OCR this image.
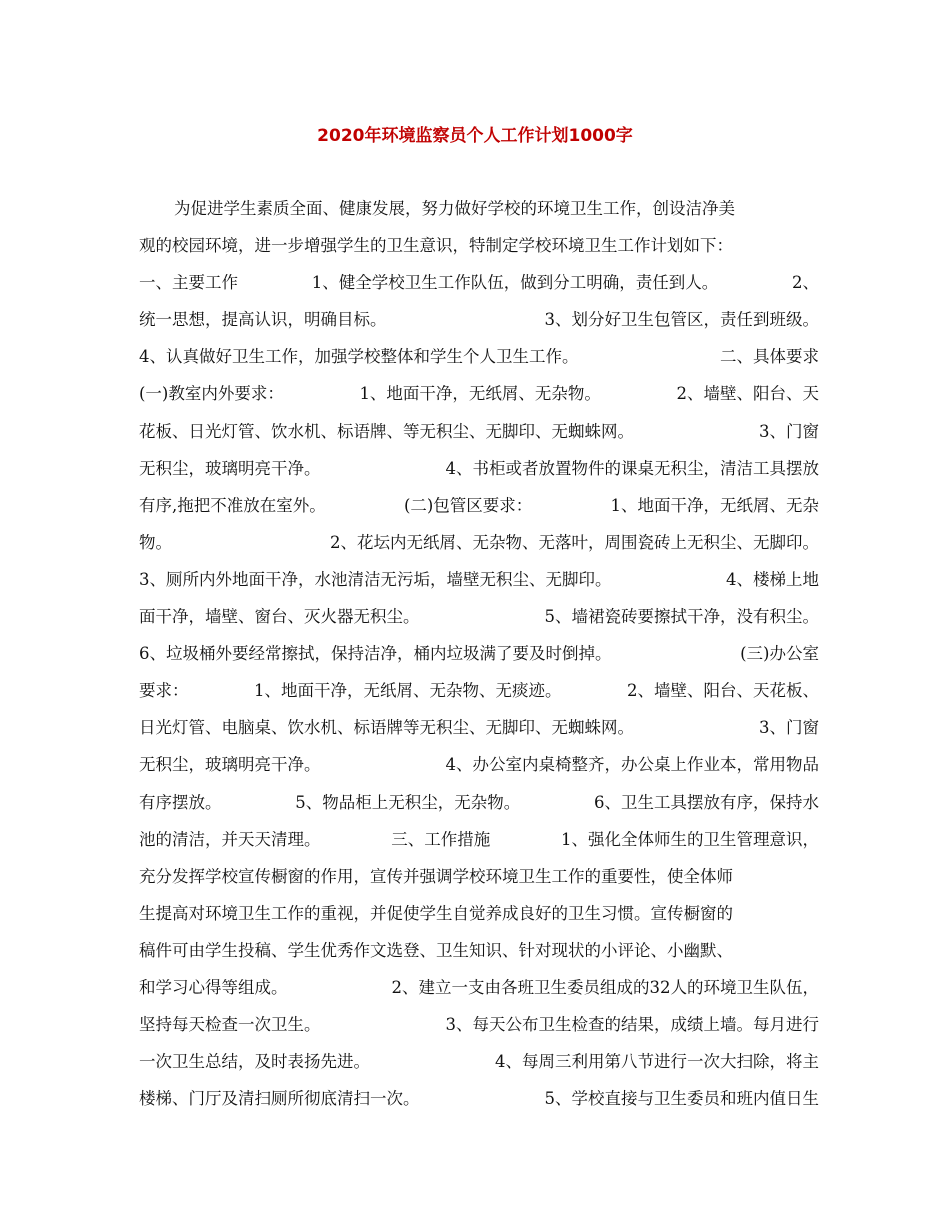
2020年环境监察员个人工作计划1000字
为促进学生素质全面、健康发展，努力做好学校的环境卫生工作，创设洁净美
观的校园环境，进一步增强学生的卫生意识，特制定学校环境卫生工作计划如下：
一、主要工作	1、健全学校卫生工作队伍，做到分工明确，责任到人。	2、
统一思想，提高认识，明确目标。	3、划分好卫生包管区，责任到班级。
4、认真做好卫生工作，加强学校整体和学生个人卫生工作。	二、具体要求
(一)教室内外要求：	1、地面干净，无纸屑、无杂物。	2、墙壁、阳台、天
花板、日光灯管、饮水机、标语牌、等无积尘、无脚印、无蜘蛛网。	3、门窗
无积尘，玻璃明亮干净。	4、书柜或者放置物件的课桌无积尘，清洁工具摆放
有序,拖把不准放在室外。	(二)包管区要求：	1、地面干净，无纸屑、无杂
物。	2、花坛内无纸屑、无杂物、无落叶，周围瓷砖上无积尘、无脚印。
3、厕所内外地面干净，水池清洁无污垢，墙壁无积尘、无脚印。	4、楼梯上地
面干净，墙壁、窗台、灭火器无积尘。	5、墙裙瓷砖要擦拭干净，没有积尘。
6、垃圾桶外要经常擦拭，保持洁净，桶内垃圾满了要及时倒掉。	(三)办公室
要求：	1、地面干净，无纸屑、无杂物、无痰迹。	2、墙壁、阳台、天花板、
日光灯管、电脑桌、饮水机、标语牌等无积尘、无脚印、无蜘蛛网。	3、门窗
无积尘，玻璃明亮干净。	4、办公室内桌椅整齐，办公桌上作业本，常用物品
有序摆放。	5、物品柜上无积尘，无杂物。	6、卫生工具摆放有序，保持水
池的清洁，并天天清理。	三、工作措施	1、强化全体师生的卫生管理意识，
充分发挥学校宣传橱窗的作用，宣传并强调学校环境卫生工作的重要性，使全体师
生提高对环境卫生工作的重视，并促使学生自觉养成良好的卫生习惯。宣传橱窗的
稿件可由学生投稿、学生优秀作文选登、卫生知识、针对现状的小评论、小幽默、
和学习心得等组成。	2、建立一支由各班卫生委员组成的32人的环境卫生队伍，
坚持每天检查一次卫生。	3、每天公布卫生检查的结果，成绩上墙。每月进行
一次卫生总结，及时表扬先进。	4、每周三利用第八节进行一次大扫除，将主
楼梯、门厅及清扫厕所彻底清扫一次。	5、学校直接与卫生委员和班内值日生
